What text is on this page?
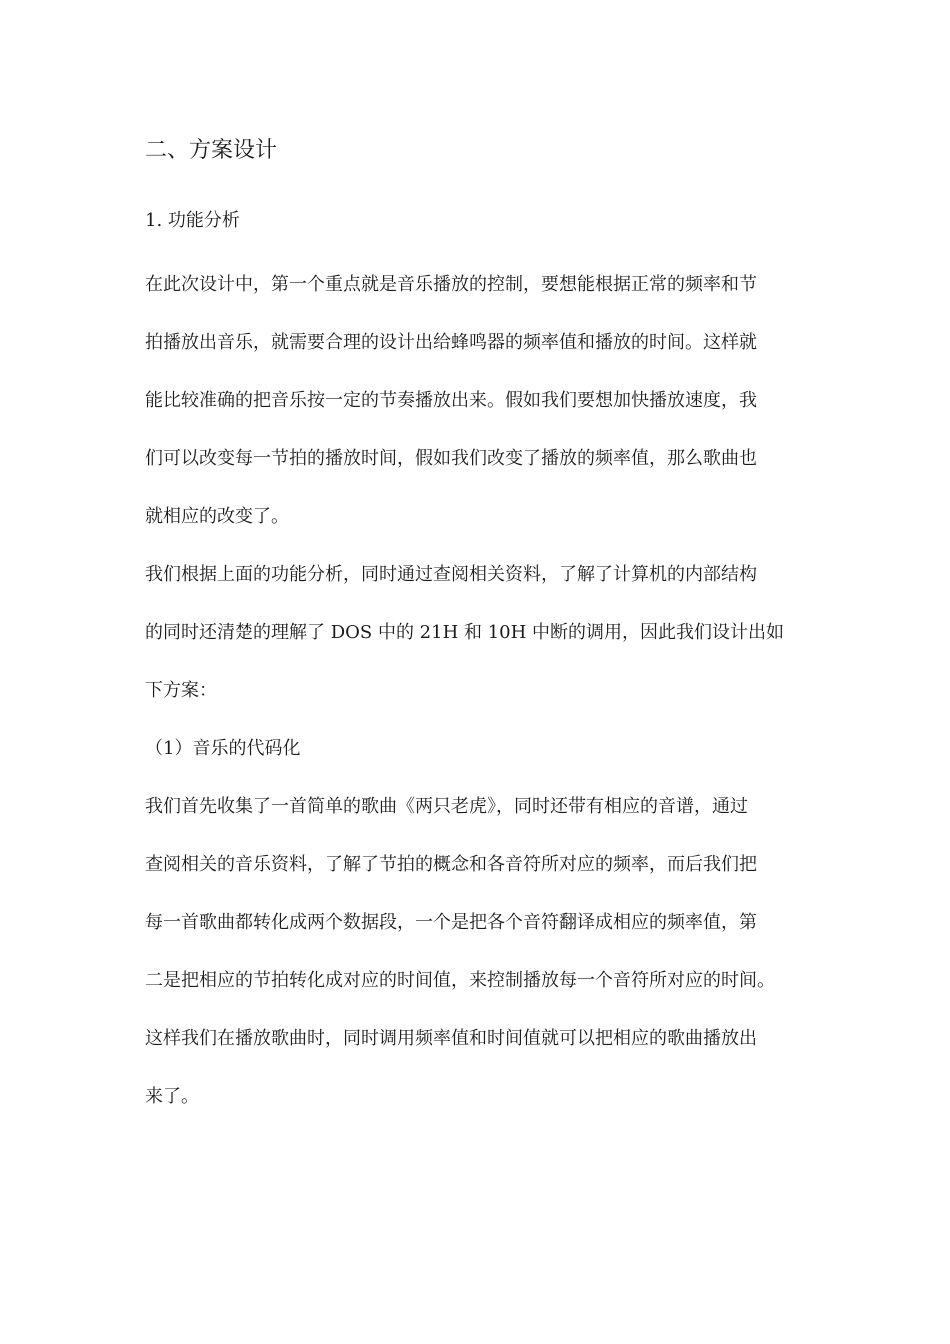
二、方案设计
1. 功能分析
在此次设计中，第一个重点就是音乐播放的控制，要想能根据正常的频率和节
拍播放出音乐，就需要合理的设计出给蜂鸣器的频率值和播放的时间。这样就
能比较准确的把音乐按一定的节奏播放出来。假如我们要想加快播放速度，我
们可以改变每一节拍的播放时间，假如我们改变了播放的频率值，那么歌曲也
就相应的改变了。
我们根据上面的功能分析，同时通过查阅相关资料，了解了计算机的内部结构
的同时还清楚的理解了 DOS 中的 21H 和 10H 中断的调用，因此我们设计出如
下方案：
（1）音乐的代码化
我们首先收集了一首简单的歌曲《两只老虎》，同时还带有相应的音谱，通过
查阅相关的音乐资料，了解了节拍的概念和各音符所对应的频率，而后我们把
每一首歌曲都转化成两个数据段，一个是把各个音符翻译成相应的频率值，第
二是把相应的节拍转化成对应的时间值，来控制播放每一个音符所对应的时间。
这样我们在播放歌曲时，同时调用频率值和时间值就可以把相应的歌曲播放出
来了。
